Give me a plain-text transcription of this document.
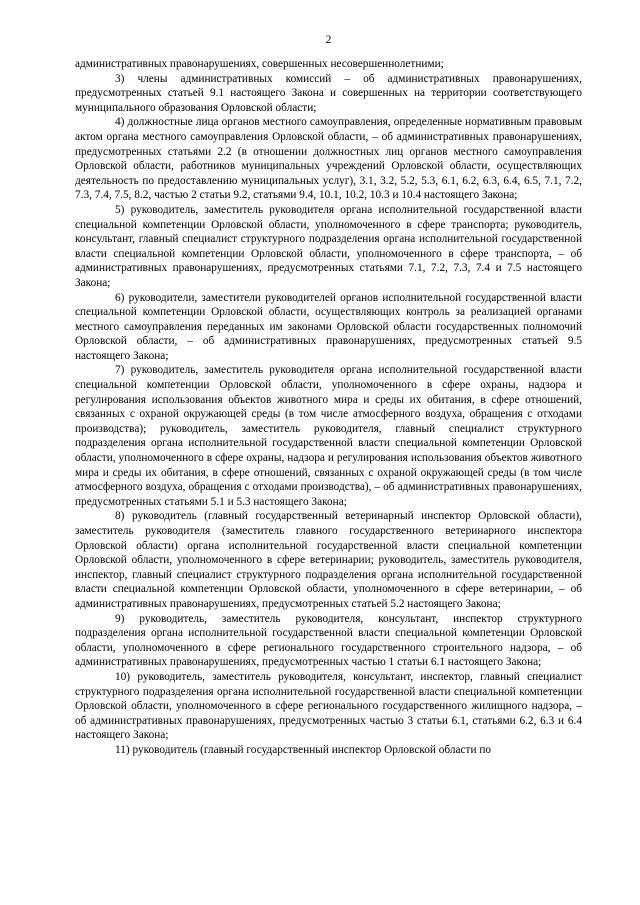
2

административных правонарушениях, совершенных несовершеннолетними;

3) члены административных комиссий – об административных правонарушениях, предусмотренных статьей 9.1 настоящего Закона и совершенных на территории соответствующего муниципального образования Орловской области;

4) должностные лица органов местного самоуправления, определенные нормативным правовым актом органа местного самоуправления Орловской области, – об административных правонарушениях, предусмотренных статьями 2.2 (в отношении должностных лиц органов местного самоуправления Орловской области, работников муниципальных учреждений Орловской области, осуществляющих деятельность по предоставлению муниципальных услуг), 3.1, 3.2, 5.2, 5.3, 6.1, 6.2, 6.3, 6.4, 6.5, 7.1, 7.2, 7.3, 7.4, 7.5, 8.2, частью 2 статьи 9.2, статьями 9.4, 10.1, 10.2, 10.3 и 10.4 настоящего Закона;

5) руководитель, заместитель руководителя органа исполнительной государственной власти специальной компетенции Орловской области, уполномоченного в сфере транспорта; руководитель, консультант, главный специалист структурного подразделения органа исполнительной государственной власти специальной компетенции Орловской области, уполномоченного в сфере транспорта, – об административных правонарушениях, предусмотренных статьями 7.1, 7.2, 7.3, 7.4 и 7.5 настоящего Закона;

6) руководители, заместители руководителей органов исполнительной государственной власти специальной компетенции Орловской области, осуществляющих контроль за реализацией органами местного самоуправления переданных им законами Орловской области государственных полномочий Орловской области, – об административных правонарушениях, предусмотренных статьей 9.5 настоящего Закона;

7) руководитель, заместитель руководителя органа исполнительной государственной власти специальной компетенции Орловской области, уполномоченного в сфере охраны, надзора и регулирования использования объектов животного мира и среды их обитания, в сфере отношений, связанных с охраной окружающей среды (в том числе атмосферного воздуха, обращения с отходами производства); руководитель, заместитель руководителя, главный специалист структурного подразделения органа исполнительной государственной власти специальной компетенции Орловской области, уполномоченного в сфере охраны, надзора и регулирования использования объектов животного мира и среды их обитания, в сфере отношений, связанных с охраной окружающей среды (в том числе атмосферного воздуха, обращения с отходами производства), – об административных правонарушениях, предусмотренных статьями 5.1 и 5.3 настоящего Закона;

8) руководитель (главный государственный ветеринарный инспектор Орловской области), заместитель руководителя (заместитель главного государственного ветеринарного инспектора Орловской области) органа исполнительной государственной власти специальной компетенции Орловской области, уполномоченного в сфере ветеринарии; руководитель, заместитель руководителя, инспектор, главный специалист структурного подразделения органа исполнительной государственной власти специальной компетенции Орловской области, уполномоченного в сфере ветеринарии, – об административных правонарушениях, предусмотренных статьей 5.2 настоящего Закона;

9) руководитель, заместитель руководителя, консультант, инспектор структурного подразделения органа исполнительной государственной власти специальной компетенции Орловской области, уполномоченного в сфере регионального государственного строительного надзора, – об административных правонарушениях, предусмотренных частью 1 статьи 6.1 настоящего Закона;

10) руководитель, заместитель руководителя, консультант, инспектор, главный специалист структурного подразделения органа исполнительной государственной власти специальной компетенции Орловской области, уполномоченного в сфере регионального государственного жилищного надзора, – об административных правонарушениях, предусмотренных частью 3 статьи 6.1, статьями 6.2, 6.3 и 6.4 настоящего Закона;

11) руководитель (главный государственный инспектор Орловской области по
